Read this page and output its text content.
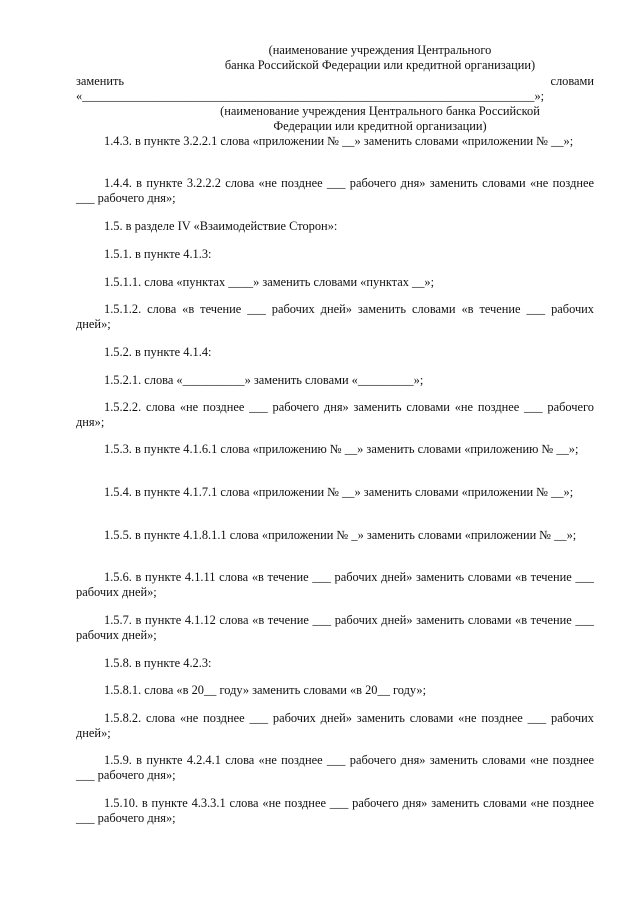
(наименование учреждения Центрального
банка Российской Федерации или кредитной организации)
заменить	словами
«_________________________________________________________________________»;
(наименование учреждения Центрального банка Российской
Федерации или кредитной организации)
1.4.3. в пункте 3.2.2.1 слова «приложении № __» заменить словами «приложении № __»;
1.4.4. в пункте 3.2.2.2 слова «не позднее ___ рабочего дня» заменить словами «не позднее ___ рабочего дня»;
1.5. в разделе IV «Взаимодействие Сторон»:
1.5.1. в пункте 4.1.3:
1.5.1.1. слова «пунктах ____» заменить словами «пунктах __»;
1.5.1.2. слова «в течение ___ рабочих дней» заменить словами «в течение ___ рабочих дней»;
1.5.2. в пункте 4.1.4:
1.5.2.1. слова «__________» заменить словами «_________»;
1.5.2.2. слова «не позднее ___ рабочего дня» заменить словами «не позднее ___ рабочего дня»;
1.5.3. в пункте 4.1.6.1 слова «приложению № __» заменить словами «приложению № __»;
1.5.4. в пункте 4.1.7.1 слова «приложении № __» заменить словами «приложении № __»;
1.5.5. в пункте 4.1.8.1.1 слова «приложении № _» заменить словами «приложении № __»;
1.5.6. в пункте 4.1.11 слова «в течение ___ рабочих дней» заменить словами «в течение ___ рабочих дней»;
1.5.7. в пункте 4.1.12 слова «в течение ___ рабочих дней» заменить словами «в течение ___ рабочих дней»;
1.5.8. в пункте 4.2.3:
1.5.8.1. слова «в 20__ году» заменить словами «в 20__ году»;
1.5.8.2. слова «не позднее ___ рабочих дней» заменить словами «не позднее ___ рабочих дней»;
1.5.9. в пункте 4.2.4.1 слова «не позднее ___ рабочего дня» заменить словами «не позднее ___ рабочего дня»;
1.5.10. в пункте 4.3.3.1 слова «не позднее ___ рабочего дня» заменить словами «не позднее ___ рабочего дня»;
